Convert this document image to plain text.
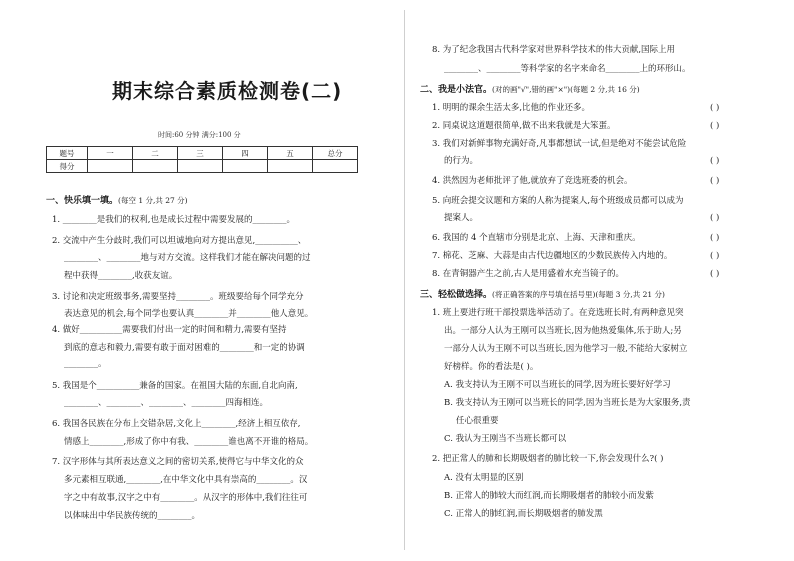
期末综合素质检测卷(二)
时间:60 分钟 满分:100 分
题号	一	二	三	四	五	总分
得分						
一、快乐填一填。(每空 1 分,共 27 分)
1. ________是我们的权利,也是成长过程中需要发展的________。
2. 交流中产生分歧时,我们可以坦诚地向对方提出意见,__________、
________、________地与对方交流。这样我们才能在解决问题的过
程中获得________,收获友谊。
3. 讨论和决定班级事务,需要坚持________。班级要给每个同学充分
表达意见的机会,每个同学也要认真________并________他人意见。
4. 做好__________需要我们付出一定的时间和精力,需要有坚持
到底的意志和毅力,需要有敢于面对困难的________和一定的协调
________。
5. 我国是个__________兼备的国家。在祖国大陆的东面,自北向南,
________、________、________、________四海相连。
6. 我国各民族在分布上交错杂居,文化上________,经济上相互依存,
情感上________,形成了你中有我、________谁也离不开谁的格局。
7. 汉字形体与其所表达意义之间的密切关系,使得它与中华文化的众
多元素相互联通,________,在中华文化中具有崇高的________。汉
字之中有故事,汉字之中有________。从汉字的形体中,我们往往可
以体味出中华民族传统的________。
8. 为了纪念我国古代科学家对世界科学技术的伟大贡献,国际上用
________、________等科学家的名字来命名________上的环形山。
二、我是小法官。(对的画"√",错的画"×")(每题 2 分,共 16 分)
1. 明明的课余生活太多,比他的作业还多。	( )
2. 同桌说这道题很简单,做不出来我就是大笨蛋。	( )
3. 我们对新鲜事物充满好奇,凡事都想试一试,但是绝对不能尝试危险
的行为。	( )
4. 洪然因为老师批评了他,就放弃了竞选班委的机会。	( )
5. 向班会提交议题和方案的人称为提案人,每个班级成员都可以成为
提案人。	( )
6. 我国的 4 个直辖市分别是北京、上海、天津和重庆。	( )
7. 棉花、芝麻、大蒜是由古代边疆地区的少数民族传入内地的。	( )
8. 在青铜器产生之前,古人是用盛着水充当镜子的。	( )
三、轻松做选择。(将正确答案的序号填在括号里)(每题 3 分,共 21 分)
1. 班上要进行班干部投票选举活动了。在竞选班长时,有两种意见突
出。一部分人认为王刚可以当班长,因为他热爱集体,乐于助人;另
一部分人认为王刚不可以当班长,因为他学习一般,不能给大家树立
好榜样。你的看法是( )。
A. 我支持认为王刚不可以当班长的同学,因为班长要好好学习
B. 我支持认为王刚可以当班长的同学,因为当班长是为大家服务,责
任心很重要
C. 我认为王刚当不当班长都可以
2. 把正常人的肺和长期吸烟者的肺比较一下,你会发现什么?( )
A. 没有太明显的区别
B. 正常人的肺较大而红润,而长期吸烟者的肺较小而发紫
C. 正常人的肺红润,而长期吸烟者的肺发黑
